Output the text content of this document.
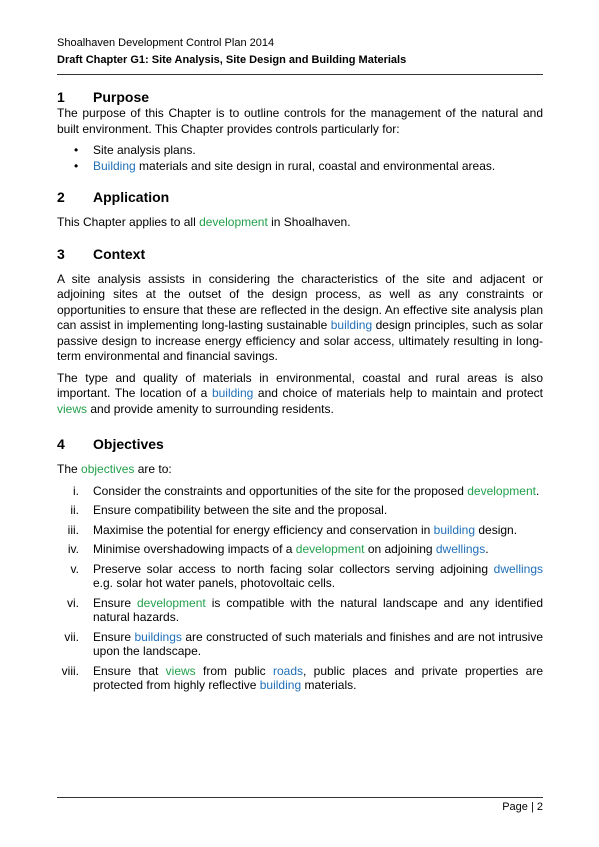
Shoalhaven Development Control Plan 2014
Draft Chapter G1: Site Analysis, Site Design and Building Materials
1	Purpose

The purpose of this Chapter is to outline controls for the management of the natural and built environment. This Chapter provides controls particularly for:

• Site analysis plans.
• Building materials and site design in rural, coastal and environmental areas.
2	Application

This Chapter applies to all development in Shoalhaven.

3	Context

A site analysis assists in considering the characteristics of the site and adjacent or adjoining sites at the outset of the design process, as well as any constraints or opportunities to ensure that these are reflected in the design. An effective site analysis plan can assist in implementing long-lasting sustainable building design principles, such as solar passive design to increase energy efficiency and solar access, ultimately resulting in long-term environmental and financial savings.

The type and quality of materials in environmental, coastal and rural areas is also important. The location of a building and choice of materials help to maintain and protect views and provide amenity to surrounding residents.

4	Objectives

The objectives are to:

i. Consider the constraints and opportunities of the site for the proposed development.
ii. Ensure compatibility between the site and the proposal.
iii. Maximise the potential for energy efficiency and conservation in building design.
iv. Minimise overshadowing impacts of a development on adjoining dwellings.
v. Preserve solar access to north facing solar collectors serving adjoining dwellings e.g. solar hot water panels, photovoltaic cells.
vi. Ensure development is compatible with the natural landscape and any identified natural hazards.
vii. Ensure buildings are constructed of such materials and finishes and are not intrusive upon the landscape.
viii. Ensure that views from public roads, public places and private properties are protected from highly reflective building materials.
Page | 2
